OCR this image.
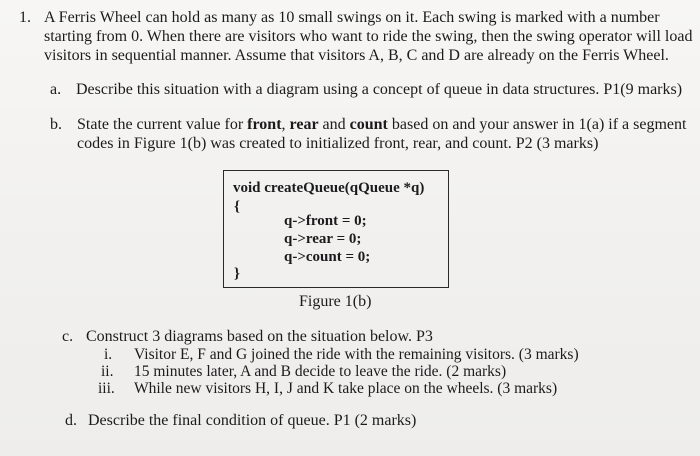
1. A Ferris Wheel can hold as many as 10 small swings on it. Each swing is marked with a number
starting from 0. When there are visitors who want to ride the swing, then the swing operator will load
visitors in sequential manner. Assume that visitors A, B, C and D are already on the Ferris Wheel.
a. Describe this situation with a diagram using a concept of queue in data structures. P1(9 marks)
b. State the current value for front, rear and count based on and your answer in 1(a) if a segment
codes in Figure 1(b) was created to initialized front, rear, and count. P2 (3 marks)
void createQueue(qQueue *q)
{
q->front = 0;
q->rear = 0;
q->count = 0;
}
Figure 1(b)
c. Construct 3 diagrams based on the situation below. P3
i. Visitor E, F and G joined the ride with the remaining visitors. (3 marks)
ii. 15 minutes later, A and B decide to leave the ride. (2 marks)
iii. While new visitors H, I, J and K take place on the wheels. (3 marks)
d. Describe the final condition of queue. P1 (2 marks)
